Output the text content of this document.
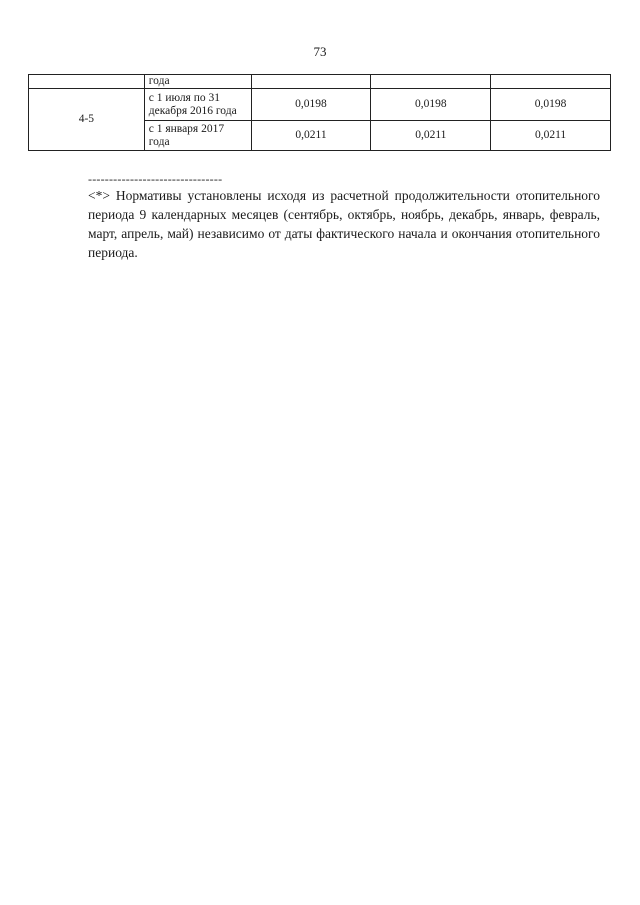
73
	года			
4-5	с 1 июля по 31 декабря 2016 года	0,0198	0,0198	0,0198
	с 1 января 2017 года	0,0211	0,0211	0,0211
--------------------------------
<*> Нормативы установлены исходя из расчетной продолжительности отопительного периода 9 календарных месяцев (сентябрь, октябрь, ноябрь, декабрь, январь, февраль, март, апрель, май) независимо от даты фактического начала и окончания отопительного периода.
